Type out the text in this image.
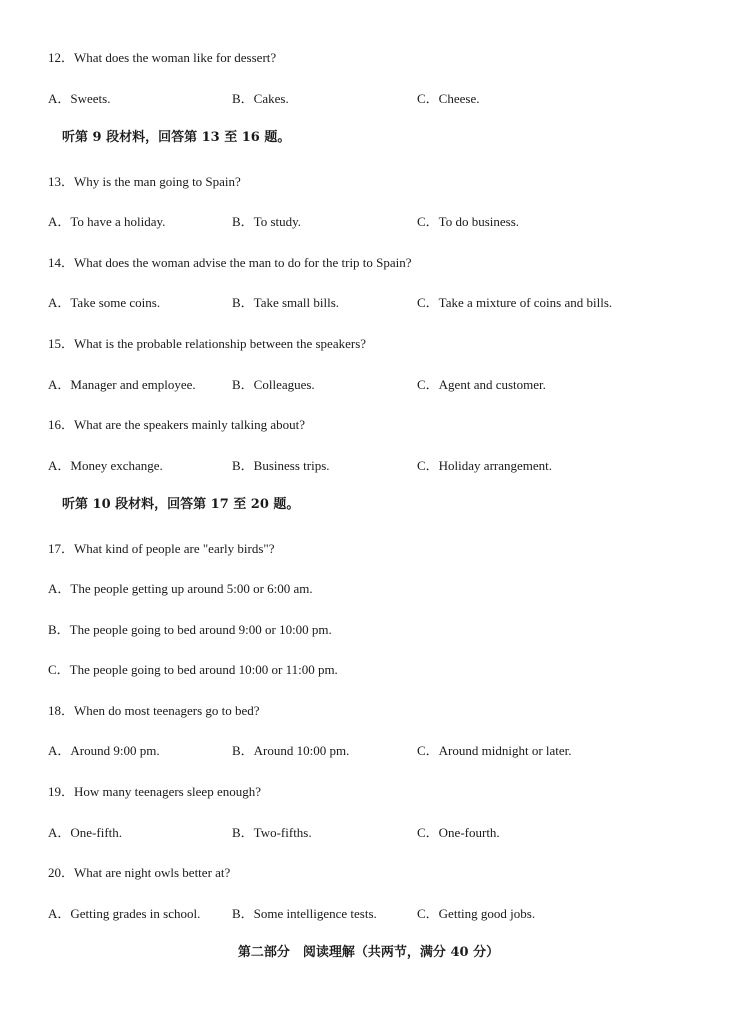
12．What does the woman like for dessert?
A．Sweets.	B．Cakes.	C．Cheese.
听第 9 段材料，回答第 13 至 16 题。
13．Why is the man going to Spain?
A．To have a holiday.	B．To study.	C．To do business.
14．What does the woman advise the man to do for the trip to Spain?
A．Take some coins.	B．Take small bills.	C．Take a mixture of coins and bills.
15．What is the probable relationship between the speakers?
A．Manager and employee.	B．Colleagues.	C．Agent and customer.
16．What are the speakers mainly talking about?
A．Money exchange.	B．Business trips.	C．Holiday arrangement.
听第 10 段材料，回答第 17 至 20 题。
17．What kind of people are "early birds"?
A．The people getting up around 5:00 or 6:00 am.
B．The people going to bed around 9:00 or 10:00 pm.
C．The people going to bed around 10:00 or 11:00 pm.
18．When do most teenagers go to bed?
A．Around 9:00 pm.	B．Around 10:00 pm.	C．Around midnight or later.
19．How many teenagers sleep enough?
A．One-fifth.	B．Two-fifths.	C．One-fourth.
20．What are night owls better at?
A．Getting grades in school. B．Some intelligence tests.	C．Getting good jobs.
第二部分　阅读理解（共两节，满分 40 分）
